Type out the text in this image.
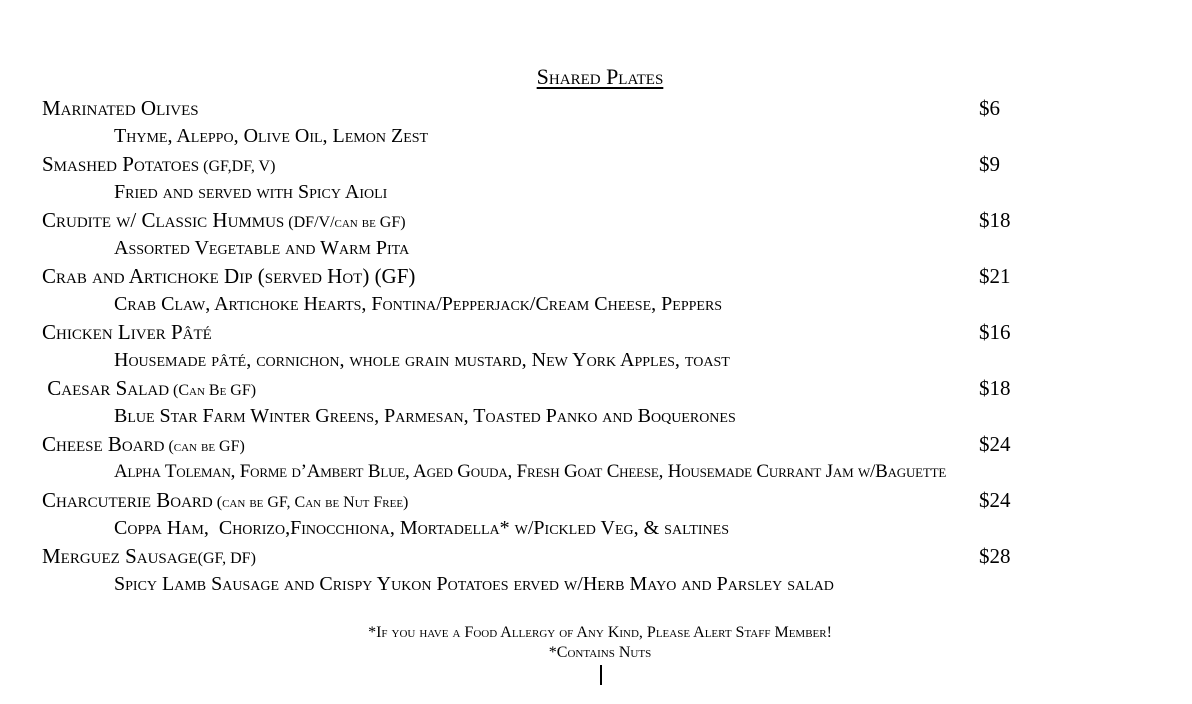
Shared Plates
Marinated Olives	$6
Thyme, Aleppo, Olive Oil, Lemon Zest
Smashed Potatoes (GF,DF, V)	$9
Fried and served with Spicy Aioli
Crudite w/ Classic Hummus (DF/V/can be GF)	$18
Assorted Vegetable and Warm Pita
Crab and Artichoke Dip (served Hot) (GF)	$21
Crab Claw, Artichoke Hearts, Fontina/Pepperjack/Cream Cheese, Peppers
Chicken Liver Pâté	$16
Housemade pâté, cornichon, whole grain mustard, New York Apples, toast
Caesar Salad (Can Be GF)	$18
Blue Star Farm Winter Greens, Parmesan, Toasted Panko and Boquerones
Cheese Board (can be GF)	$24
Alpha Toleman, Forme d’Ambert Blue, Aged Gouda, Fresh Goat Cheese, Housemade Currant Jam w/Baguette
Charcuterie Board (can be GF, Can be Nut Free)	$24
Coppa Ham,  Chorizo,Finocchiona, Mortadella* w/Pickled Veg, & saltines
Merguez Sausage(GF, DF)	$28
Spicy Lamb Sausage and Crispy Yukon Potatoes erved w/Herb Mayo and Parsley salad
*If you have a Food Allergy of Any Kind, Please Alert Staff Member!
*Contains Nuts
